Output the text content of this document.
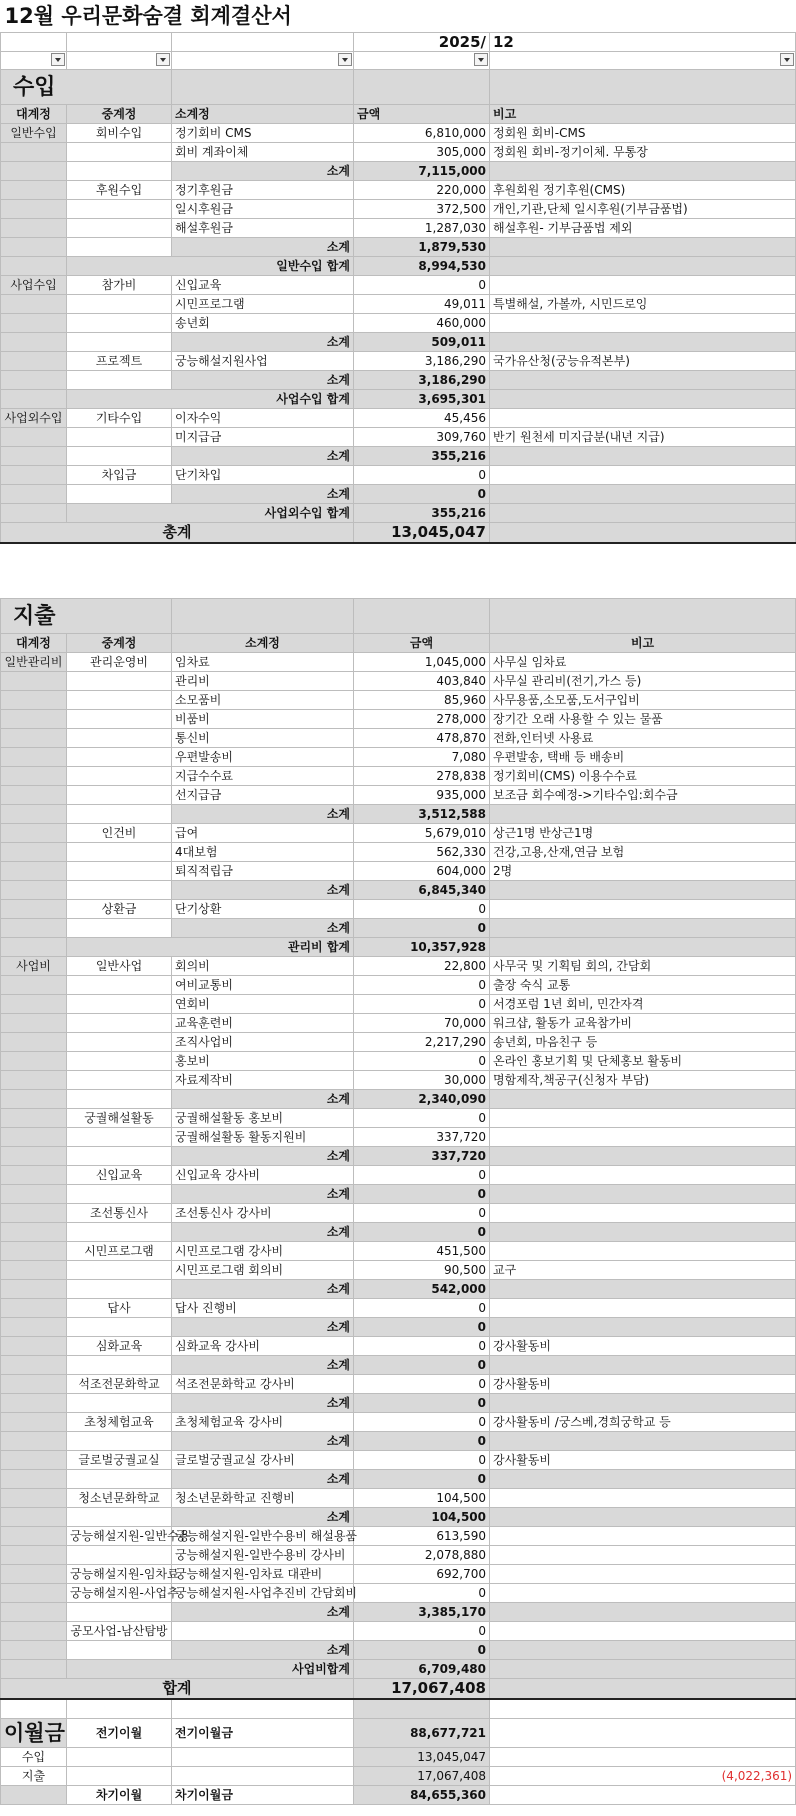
12월 우리문화숨결 회계결산서				
			2025/	12

수입				
대계정	중계정	소계정	금액	비고
일반수입	회비수입	정기회비 CMS	6,810,000	정회원 회비-CMS
		회비 계좌이체	305,000	정회원 회비-정기이체. 무통장
		소계	7,115,000	
	후원수입	정기후원금	220,000	후원회원 정기후원(CMS)
		일시후원금	372,500	개인,기관,단체 일시후원(기부금품법)
		해설후원금	1,287,030	해설후원- 기부금품법 제외
		소계	1,879,530	
	일반수입 합계		8,994,530	
사업수입	참가비	신입교육	0	
		시민프로그램	49,011	특별해설, 가볼까, 시민드로잉
		송년회	460,000	
		소계	509,011	
	프로젝트	궁능해설지원사업	3,186,290	국가유산청(궁능유적본부)
		소계	3,186,290	
	사업수입 합계		3,695,301	
사업외수입	기타수입	이자수익	45,456	
		미지급금	309,760	반기 원천세 미지급분(내년 지급)
		소계	355,216	
	차입금	단기차입	0	
		소계	0	
	사업외수입 합계		355,216	
총계			13,045,047	

지출				
대계정	중계정	소계정	금액	비고
일반관리비	관리운영비	임차료	1,045,000	사무실 임차료
		관리비	403,840	사무실 관리비(전기,가스 등)
		소모품비	85,960	사무용품,소모품,도서구입비
		비품비	278,000	장기간 오래 사용할 수 있는 물품
		통신비	478,870	전화,인터넷 사용료
		우편발송비	7,080	우편발송, 택배 등 배송비
		지급수수료	278,838	정기회비(CMS) 이용수수료
		선지급금	935,000	보조금 회수예정->기타수입:회수금
		소계	3,512,588	
	인건비	급여	5,679,010	상근1명 반상근1명
		4대보험	562,330	건강,고용,산재,연금 보험
		퇴직적립금	604,000	2명
		소계	6,845,340	
	상환금	단기상환	0	
		소계	0	
	관리비 합계		10,357,928	
사업비	일반사업	회의비	22,800	사무국 및 기획팀 회의, 간담회
		여비교통비	0	출장 숙식 교통
		연회비	0	서경포럼 1년 회비, 민간자격
		교육훈련비	70,000	워크샵, 활동가 교육참가비
		조직사업비	2,217,290	송년회, 마음친구 등
		홍보비	0	온라인 홍보기획 및 단체홍보 활동비
		자료제작비	30,000	명함제작,책공구(신청자 부담)
		소계	2,340,090	
	궁궐해설활동	궁궐해설활동 홍보비	0	
		궁궐해설활동 활동지원비	337,720	
		소계	337,720	
	신입교육	신입교육 강사비	0	
		소계	0	
	조선통신사	조선통신사 강사비	0	
		소계	0	
	시민프로그램	시민프로그램 강사비	451,500	
		시민프로그램 회의비	90,500	교구
		소계	542,000	
	답사	답사 진행비	0	
		소계	0	
	심화교육	심화교육 강사비	0	강사활동비
		소계	0	
	석조전문화학교	석조전문화학교 강사비	0	강사활동비
		소계	0	
	초청체험교육	초청체험교육 강사비	0	강사활동비 /궁스베,경희궁학교 등
		소계	0	
	글로벌궁궐교실	글로벌궁궐교실 강사비	0	강사활동비
		소계	0	
	청소년문화학교	청소년문화학교 진행비	104,500	
		소계	104,500	
	궁능해설지원-일반수용	궁능해설지원-일반수용비 해설용품	613,590	
		궁능해설지원-일반수용비 강사비	2,078,880	
	궁능해설지원-임차료	궁능해설지원-임차료 대관비	692,700	
	궁능해설지원-사업추	궁능해설지원-사업추진비 간담회비	0	
		소계	3,385,170	
	공모사업-남산탐방		0	
		소계	0	
	사업비합계		6,709,480	
합계			17,067,408	

이월금	전기이월	전기이월금	88,677,721	
수입			13,045,047	
지출			17,067,408	(4,022,361)
	차기이월	차기이월금	84,655,360	
